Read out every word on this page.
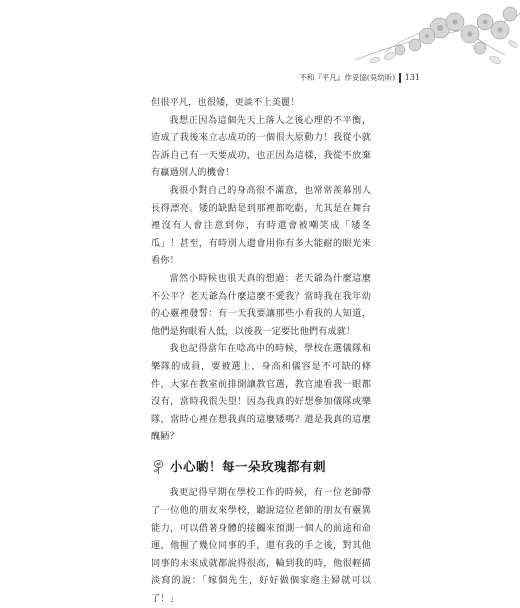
不和『平凡』作妥協(吳幼昕) 131

但很平凡，也很矮，更談不上美麗！

我想正因為這個先天上落人之後心理的不平衡，造成了我後來立志成功的一個很大原動力！我從小就告訴自己有一天要成功，也正因為這樣，我從不放棄有贏過別人的機會！

我很小對自己的身高很不滿意，也常常羨慕別人長得漂亮。矮的缺點是到那裡都吃虧，尤其是在舞台裡沒有人會注意到你，有時還會被嘲笑成「矮冬瓜」！甚至，有時別人還會用你有多大能耐的眼光來看你！

當然小時候也很天真的想過：老天爺為什麼這麼不公平？老天爺為什麼這麼不愛我？當時我在我年幼的心靈裡發誓：有一天我要讓那些小看我的人知道，他們是狗眼看人低，以後我一定要比他們有成就！

我也記得當年在唸高中的時候，學校在選儀隊和樂隊的成員，要被選上，身高和儀容是不可缺的條件，大家在教室前排開讓教官選，教官連看我一眼都沒有，當時我很失望！因為我真的好想參加儀隊或樂隊，當時心裡在想我真的這麼矮嗎？還是我真的這麼醜陋？

小心喲！每一朵玫瑰都有刺

我更記得早期在學校工作的時候，有一位老師帶了一位他的朋友來學校，聽說這位老師的朋友有靈異能力，可以借著身體的接觸來預測一個人的前途和命運，他握了幾位同事的手，還有我的手之後，對其他同事的未來成就都說得很高，輪到我的時，他很輕描淡寫的說：「嫁個先生，好好做個家庭主婦就可以了！」
